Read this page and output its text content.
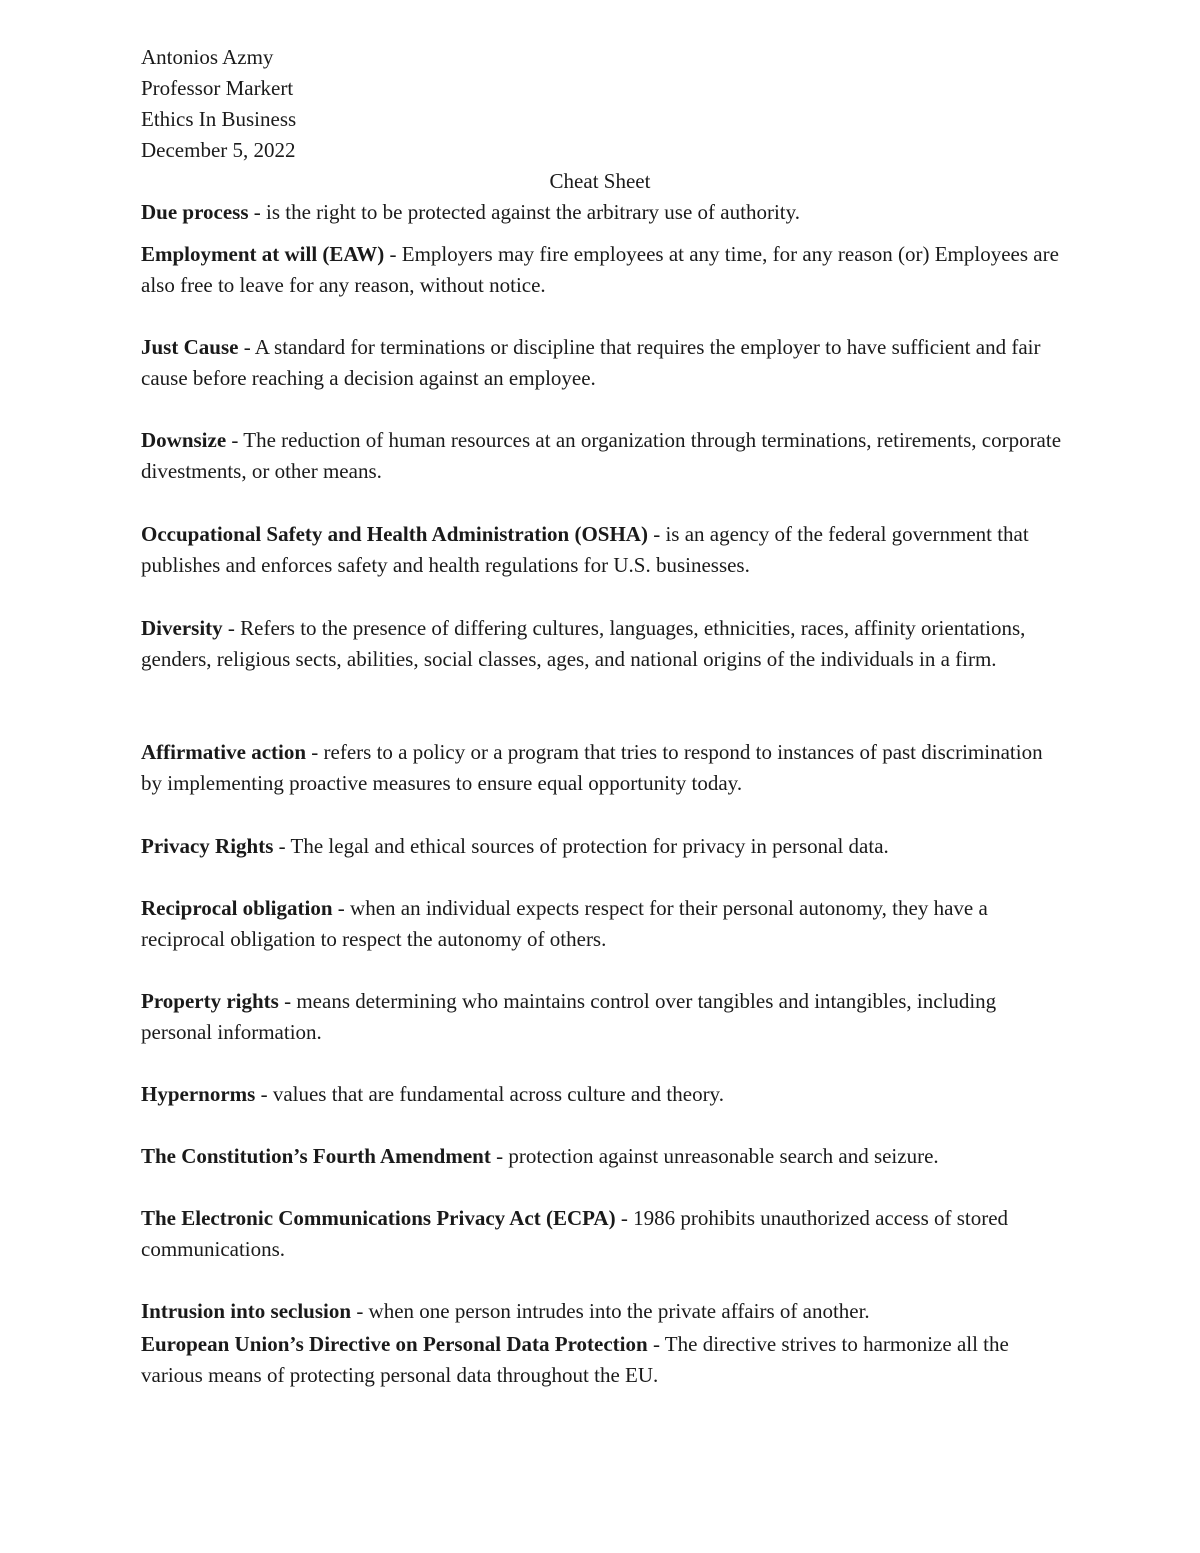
Antonios Azmy
Professor Markert
Ethics In Business
December 5, 2022
Cheat Sheet
Due process - is the right to be protected against the arbitrary use of authority.
Employment at will (EAW) - Employers may fire employees at any time, for any reason (or) Employees are also free to leave for any reason, without notice.
Just Cause - A standard for terminations or discipline that requires the employer to have sufficient and fair cause before reaching a decision against an employee.
Downsize - The reduction of human resources at an organization through terminations, retirements, corporate divestments, or other means.
Occupational Safety and Health Administration (OSHA) - is an agency of the federal government that publishes and enforces safety and health regulations for U.S. businesses.
Diversity - Refers to the presence of differing cultures, languages, ethnicities, races, affinity orientations, genders, religious sects, abilities, social classes, ages, and national origins of the individuals in a firm.
Affirmative action - refers to a policy or a program that tries to respond to instances of past discrimination by implementing proactive measures to ensure equal opportunity today.
Privacy Rights - The legal and ethical sources of protection for privacy in personal data.
Reciprocal obligation - when an individual expects respect for their personal autonomy, they have a reciprocal obligation to respect the autonomy of others.
Property rights - means determining who maintains control over tangibles and intangibles, including personal information.
Hypernorms - values that are fundamental across culture and theory.
The Constitution’s Fourth Amendment - protection against unreasonable search and seizure.
The Electronic Communications Privacy Act (ECPA) - 1986 prohibits unauthorized access of stored communications.
Intrusion into seclusion - when one person intrudes into the private affairs of another.
European Union’s Directive on Personal Data Protection - The directive strives to harmonize all the various means of protecting personal data throughout the EU.
